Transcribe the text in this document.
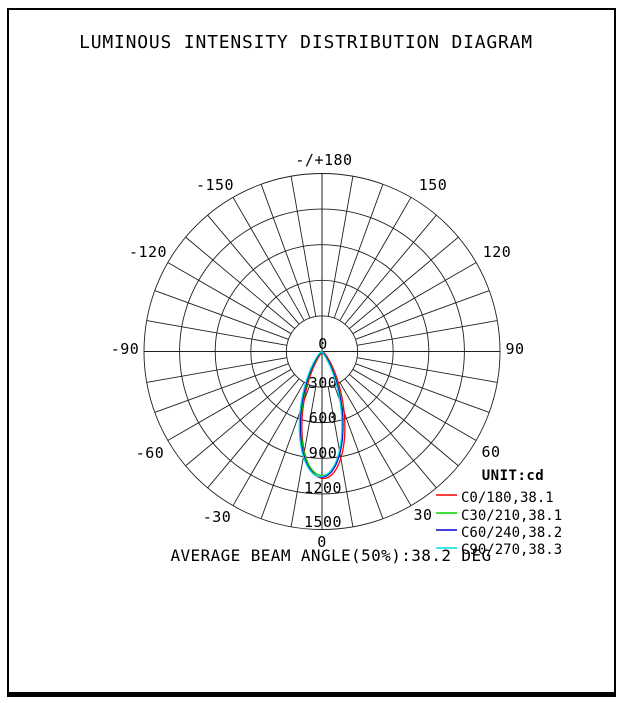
LUMINOUS INTENSITY DISTRIBUTION DIAGRAM
0
300
600
900
1200
1500
-/+180
-150	150
-120	120
-90	90
-60	60
-30	30
0
UNIT:cd
C0/180,38.1
C30/210,38.1
C60/240,38.2
C90/270,38.3
AVERAGE BEAM ANGLE(50%):38.2 DEG
